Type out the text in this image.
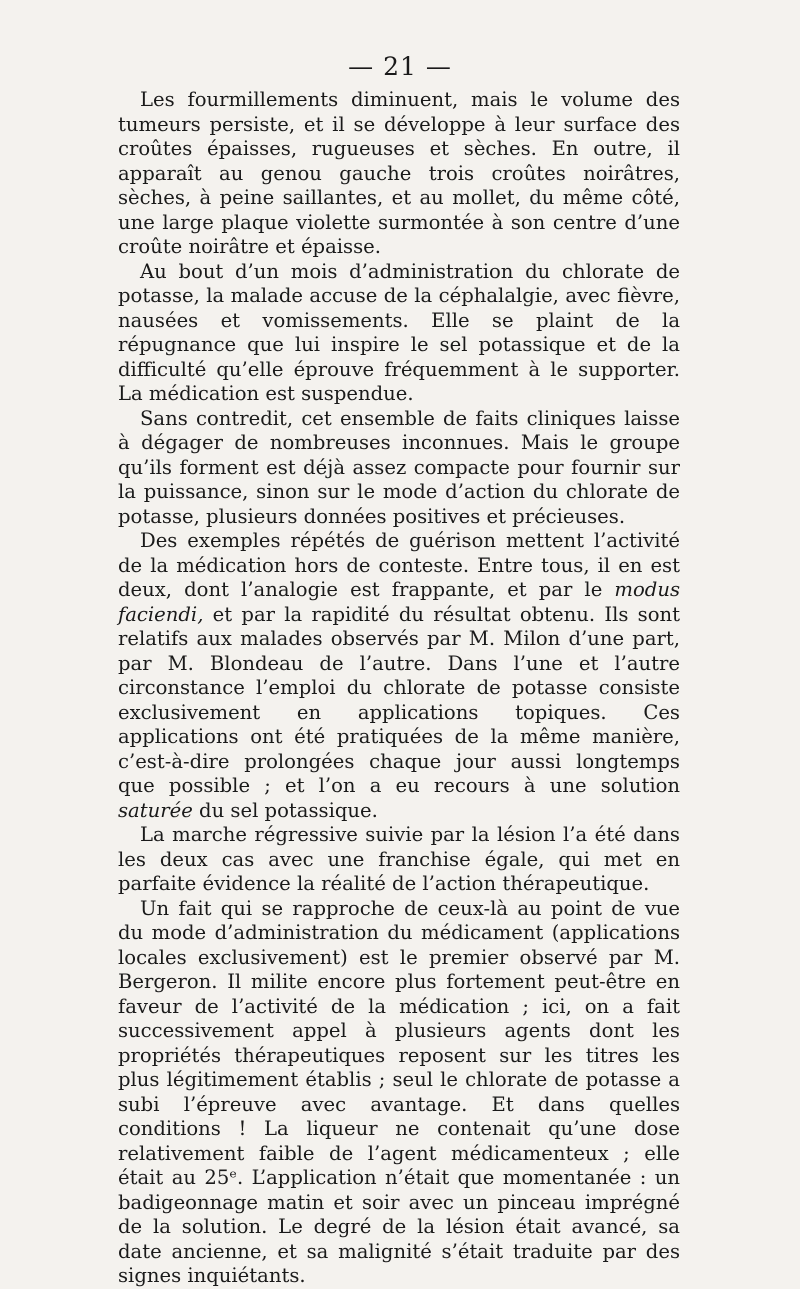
— 21 —

Les fourmillements diminuent, mais le volume des tumeurs persiste, et il se développe à leur surface des croûtes épaisses, rugueuses et sèches. En outre, il apparaît au genou gauche trois croûtes noirâtres, sèches, à peine saillantes, et au mollet, du même côté, une large plaque violette surmontée à son centre d’une croûte noirâtre et épaisse.

Au bout d’un mois d’administration du chlorate de potasse, la malade accuse de la céphalalgie, avec fièvre, nausées et vomissements. Elle se plaint de la répugnance que lui inspire le sel potassique et de la difficulté qu’elle éprouve fréquemment à le supporter. La médication est suspendue.

Sans contredit, cet ensemble de faits cliniques laisse à dégager de nombreuses inconnues. Mais le groupe qu’ils forment est déjà assez compacte pour fournir sur la puissance, sinon sur le mode d’action du chlorate de potasse, plusieurs données positives et précieuses.

Des exemples répétés de guérison mettent l’activité de la médication hors de conteste. Entre tous, il en est deux, dont l’analogie est frappante, et par le modus faciendi, et par la rapidité du résultat obtenu. Ils sont relatifs aux malades observés par M. Milon d’une part, par M. Blondeau de l’autre. Dans l’une et l’autre circonstance l’emploi du chlorate de potasse consiste exclusivement en applications topiques. Ces applications ont été pratiquées de la même manière, c’est-à-dire prolongées chaque jour aussi longtemps que possible ; et l’on a eu recours à une solution saturée du sel potassique.

La marche régressive suivie par la lésion l’a été dans les deux cas avec une franchise égale, qui met en parfaite évidence la réalité de l’action thérapeutique.

Un fait qui se rapproche de ceux-là au point de vue du mode d’administration du médicament (applications locales exclusivement) est le premier observé par M. Bergeron. Il milite encore plus fortement peut-être en faveur de l’activité de la médication ; ici, on a fait successivement appel à plusieurs agents dont les propriétés thérapeutiques reposent sur les titres les plus légitimement établis ; seul le chlorate de potasse a subi l’épreuve avec avantage. Et dans quelles conditions ! La liqueur ne contenait qu’une dose relativement faible de l’agent médicamenteux ; elle était au 25ᵉ. L’application n’était que momentanée : un badigeonnage matin et soir avec un pinceau imprégné de la solution. Le degré de la lésion était avancé, sa date ancienne, et sa malignité s’était traduite par des signes inquiétants.
